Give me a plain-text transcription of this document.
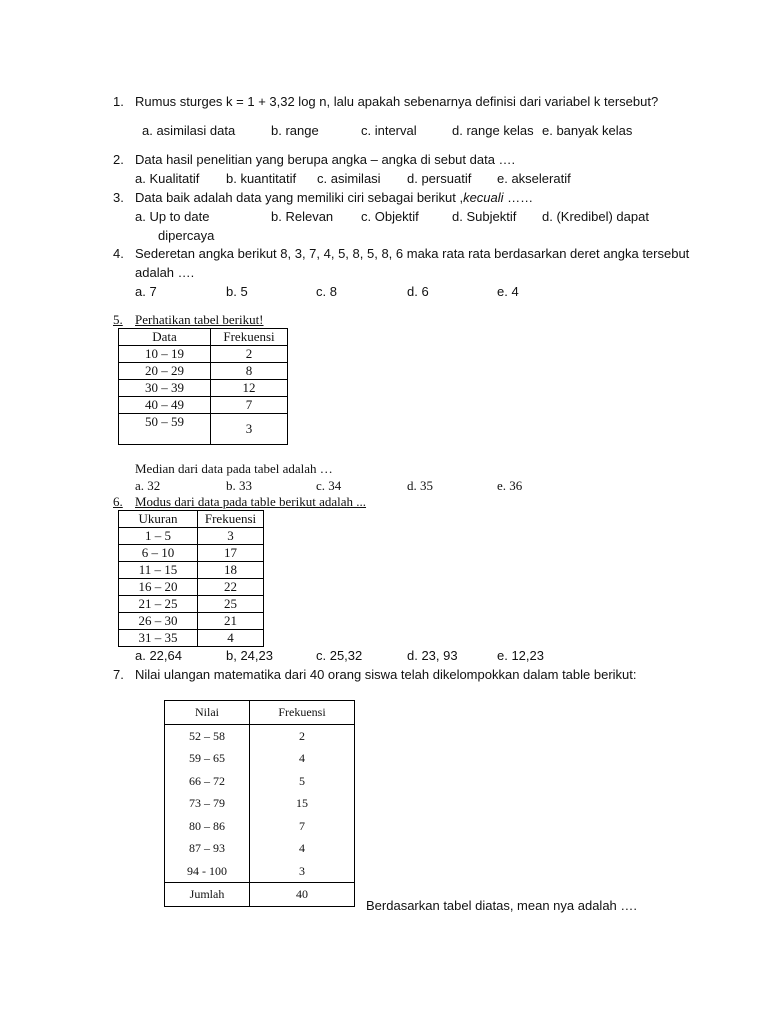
1. Rumus sturges k = 1 + 3,32 log n, lalu apakah sebenarnya definisi dari variabel k tersebut?
a. asimilasi data	b. range	c. interval	d. range kelas e. banyak kelas
2. Data hasil penelitian yang berupa angka – angka di sebut data ….
a. Kualitatif b. kuantitatif c. asimilasi d. persuatif e. akseleratif
3. Data baik adalah data yang memiliki ciri sebagai berikut ,kecuali ……
a. Up to date	b. Relevan c. Objektif	d. Subjektif d. (Kredibel) dapat
dipercaya
4. Sederetan angka berikut 8, 3, 7, 4, 5, 8, 5, 8, 6 maka rata rata berdasarkan deret angka tersebut
adalah ….
a. 7	b. 5	c. 8	d. 6	e. 4
5. Perhatikan tabel berikut!
Data	Frekuensi
10 – 19	2
20 – 29	8
30 – 39	12
40 – 49	7
50 – 59	3
Median dari data pada tabel adalah …
a. 32	b. 33	c. 34	d. 35	e. 36
6. Modus dari data pada table berikut adalah ...
Ukuran	Frekuensi
1 – 5	3
6 – 10	17
11 – 15	18
16 – 20	22
21 – 25	25
26 – 30	21
31 – 35	4
a. 22,64	b, 24,23	c. 25,32	d. 23, 93	e. 12,23
7. Nilai ulangan matematika dari 40 orang siswa telah dikelompokkan dalam table berikut:
Nilai	Frekuensi
52 – 58	2
59 – 65	4
66 – 72	5
73 – 79	15
80 – 86	7
87 – 93	4
94 - 100	3
Jumlah	40
Berdasarkan tabel diatas, mean nya adalah ….
